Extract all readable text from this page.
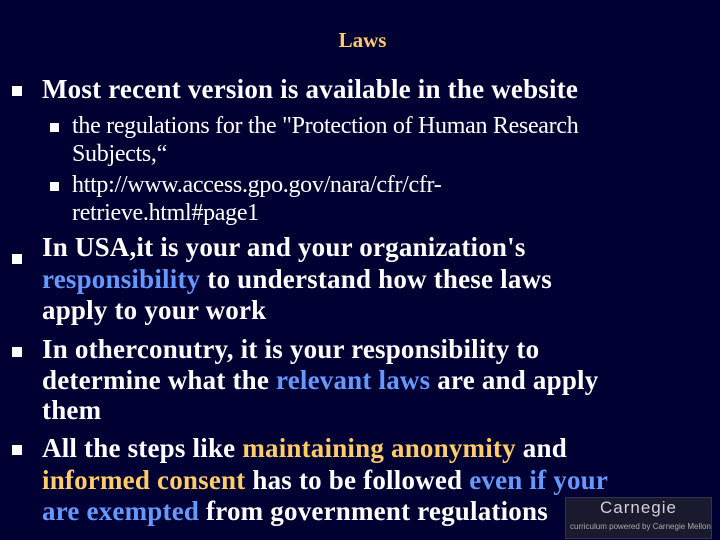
Laws
Most recent version is available in the website
the regulations for the "Protection of Human Research
Subjects,“
http://www.access.gpo.gov/nara/cfr/cfr-
retrieve.html#page1
In USA,it is your and your organization's
responsibility to understand how these laws
apply to your work
In otherconutry, it is your responsibility to
determine what the relevant laws are and apply
them
All the steps like maintaining anonymity and
informed consent has to be followed even if your
are exempted from government regulations	Carnegie
curriculum powered by Carnegie Mellon
